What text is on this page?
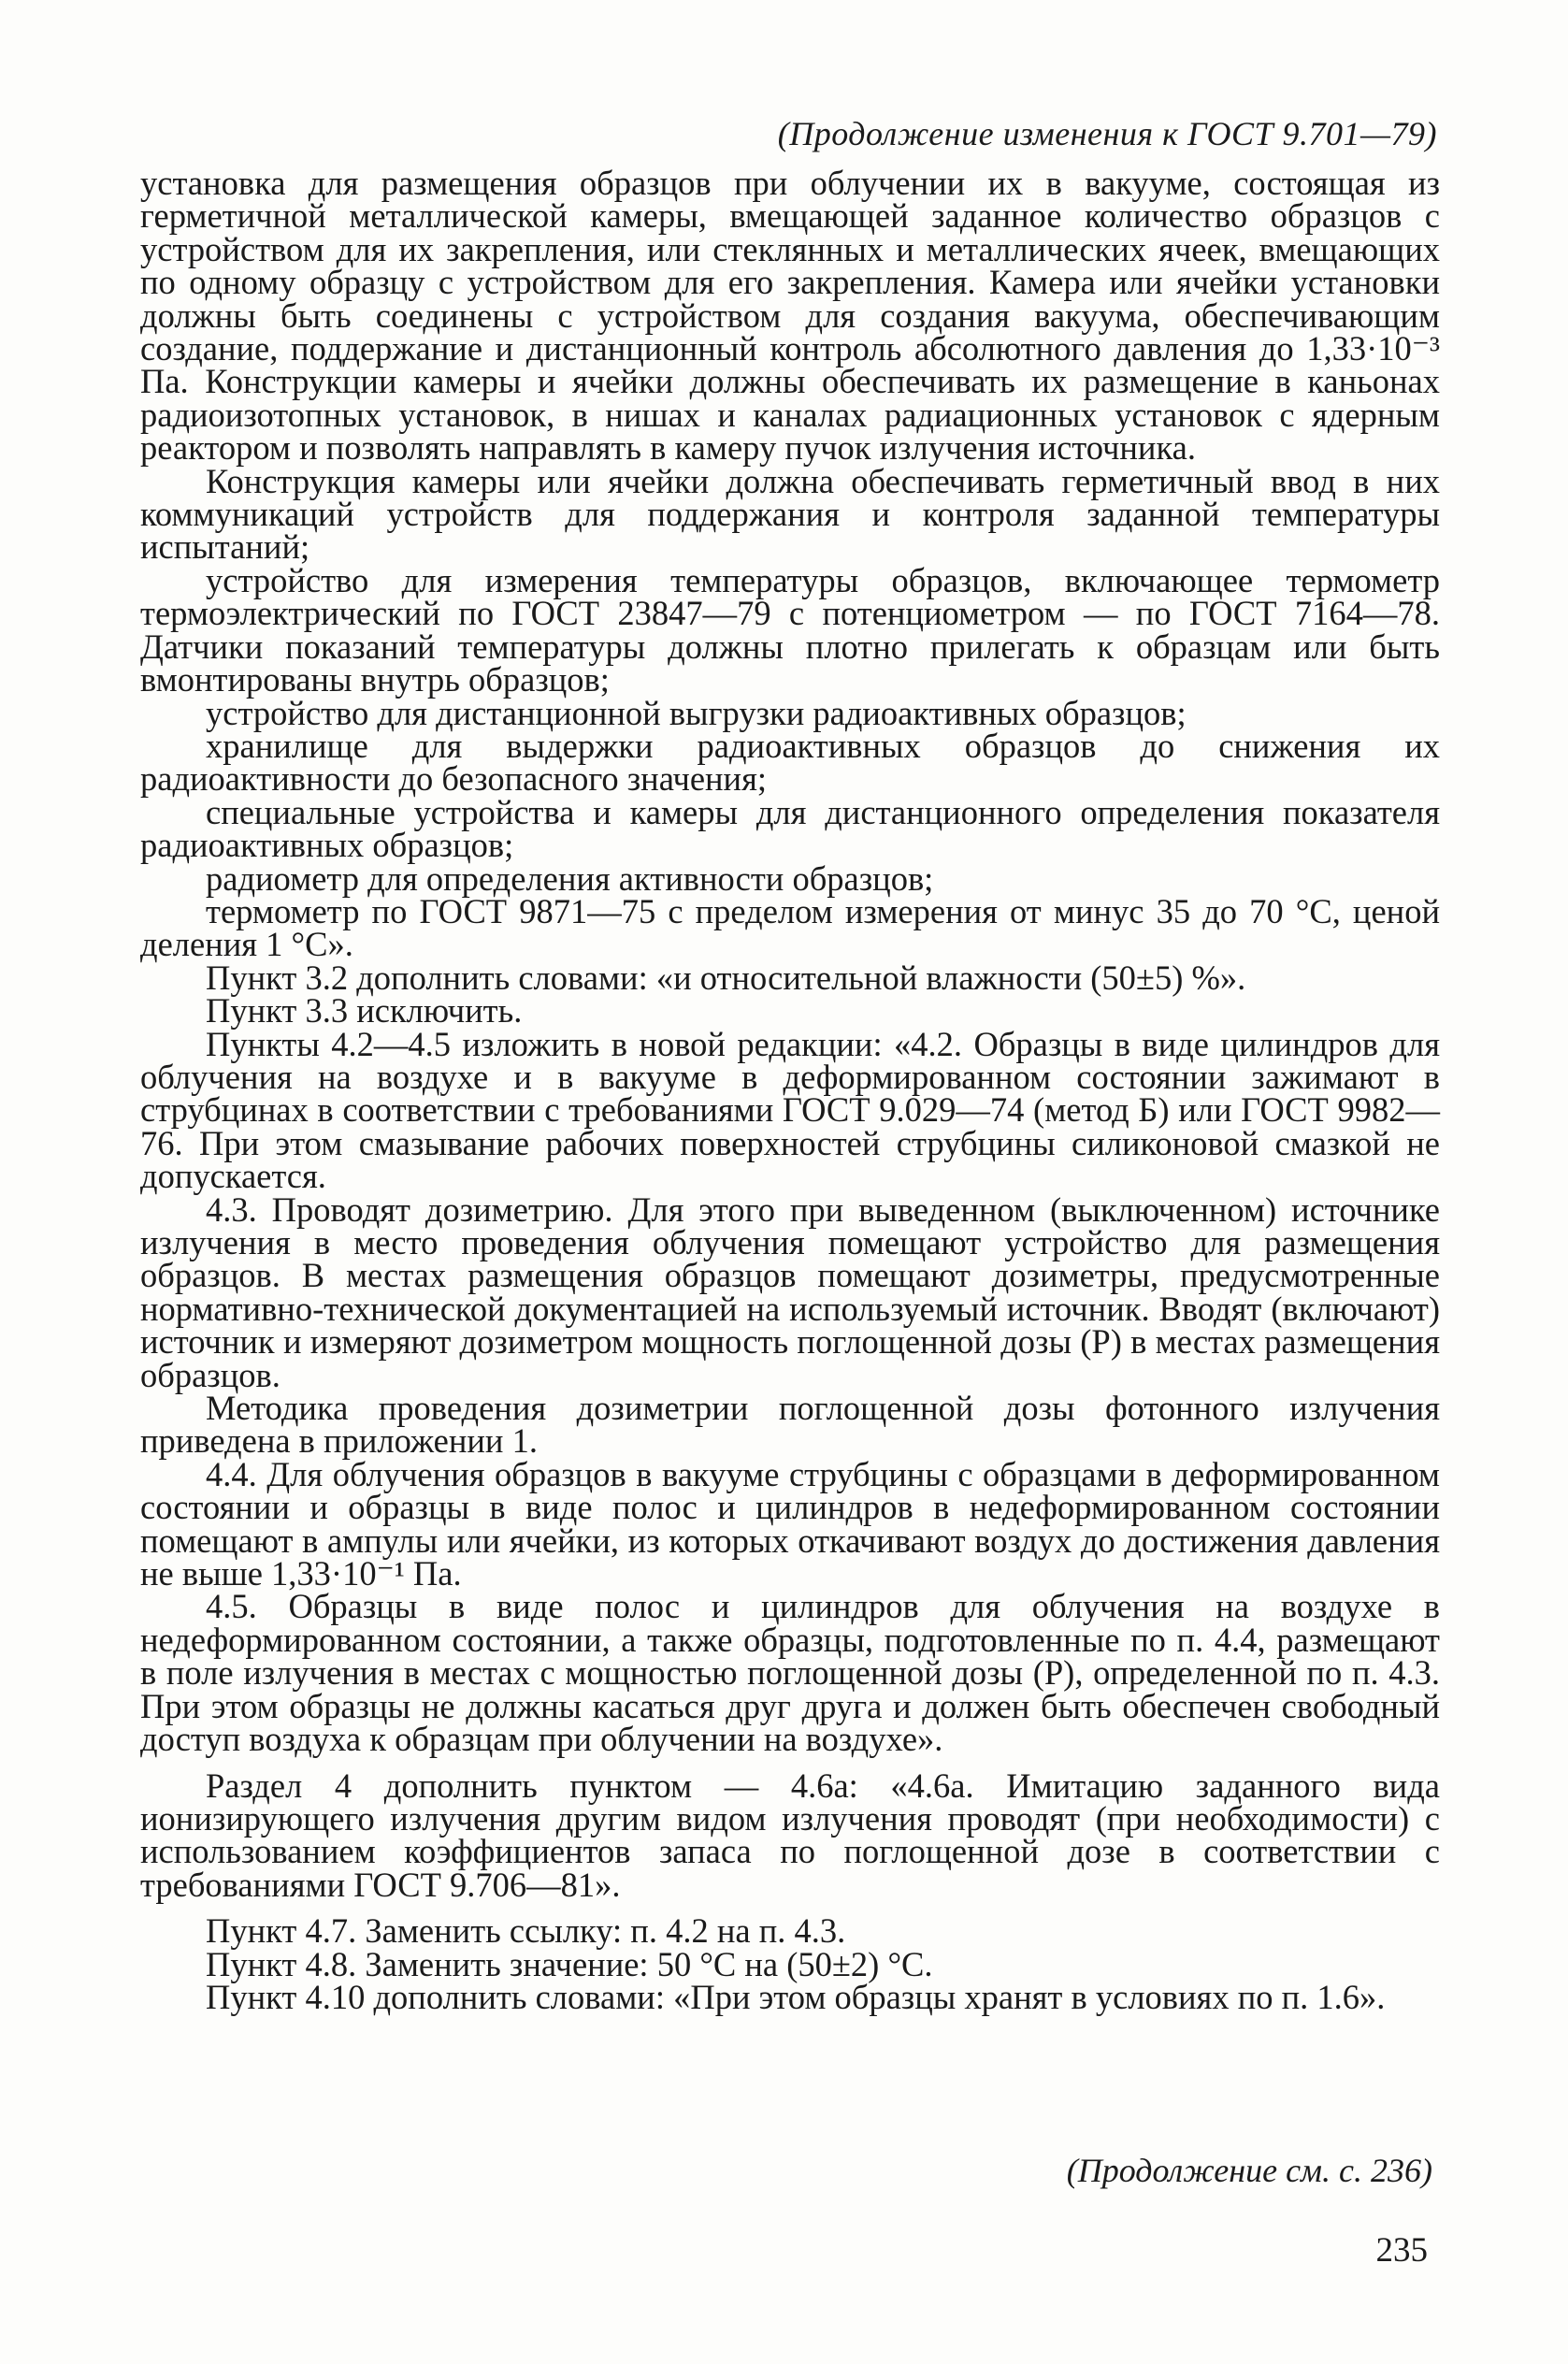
(Продолжение изменения к ГОСТ 9.701—79)

установка для размещения образцов при облучении их в вакууме, состоящая из герметичной металлической камеры, вмещающей заданное количество образцов с устройством для их закрепления, или стеклянных и металлических ячеек, вмещающих по одному образцу с устройством для его закрепления. Камера или ячейки установки должны быть соединены с устройством для создания вакуума, обеспечивающим создание, поддержание и дистанционный контроль абсолютного давления до 1,33·10⁻³ Па. Конструкции камеры и ячейки должны обеспечивать их размещение в каньонах радиоизотопных установок, в нишах и каналах радиационных установок с ядерным реактором и позволять направлять в камеру пучок излучения источника.

Конструкция камеры или ячейки должна обеспечивать герметичный ввод в них коммуникаций устройств для поддержания и контроля заданной температуры испытаний;

устройство для измерения температуры образцов, включающее термометр термоэлектрический по ГОСТ 23847—79 с потенциометром — по ГОСТ 7164—78. Датчики показаний температуры должны плотно прилегать к образцам или быть вмонтированы внутрь образцов;

устройство для дистанционной выгрузки радиоактивных образцов;

хранилище для выдержки радиоактивных образцов до снижения их радиоактивности до безопасного значения;

специальные устройства и камеры для дистанционного определения показателя радиоактивных образцов;

радиометр для определения активности образцов;

термометр по ГОСТ 9871—75 с пределом измерения от минус 35 до 70 °С, ценой деления 1 °С».

Пункт 3.2 дополнить словами: «и относительной влажности (50±5) %».

Пункт 3.3 исключить.

Пункты 4.2—4.5 изложить в новой редакции: «4.2. Образцы в виде цилиндров для облучения на воздухе и в вакууме в деформированном состоянии зажимают в струбцинах в соответствии с требованиями ГОСТ 9.029—74 (метод Б) или ГОСТ 9982—76. При этом смазывание рабочих поверхностей струбцины силиконовой смазкой не допускается.

4.3. Проводят дозиметрию. Для этого при выведенном (выключенном) источнике излучения в место проведения облучения помещают устройство для размещения образцов. В местах размещения образцов помещают дозиметры, предусмотренные нормативно-технической документацией на используемый источник. Вводят (включают) источник и измеряют дозиметром мощность поглощенной дозы (P) в местах размещения образцов.

Методика проведения дозиметрии поглощенной дозы фотонного излучения приведена в приложении 1.

4.4. Для облучения образцов в вакууме струбцины с образцами в деформированном состоянии и образцы в виде полос и цилиндров в недеформированном состоянии помещают в ампулы или ячейки, из которых откачивают воздух до достижения давления не выше 1,33·10⁻¹ Па.

4.5. Образцы в виде полос и цилиндров для облучения на воздухе в недеформированном состоянии, а также образцы, подготовленные по п. 4.4, размещают в поле излучения в местах с мощностью поглощенной дозы (P), определенной по п. 4.3. При этом образцы не должны касаться друг друга и должен быть обеспечен свободный доступ воздуха к образцам при облучении на воздухе».

Раздел 4 дополнить пунктом — 4.6а: «4.6а. Имитацию заданного вида ионизирующего излучения другим видом излучения проводят (при необходимости) с использованием коэффициентов запаса по поглощенной дозе в соответствии с требованиями ГОСТ 9.706—81».

Пункт 4.7. Заменить ссылку: п. 4.2 на п. 4.3.

Пункт 4.8. Заменить значение: 50 °С на (50±2) °С.

Пункт 4.10 дополнить словами: «При этом образцы хранят в условиях по п. 1.6».

(Продолжение см. с. 236)
235
